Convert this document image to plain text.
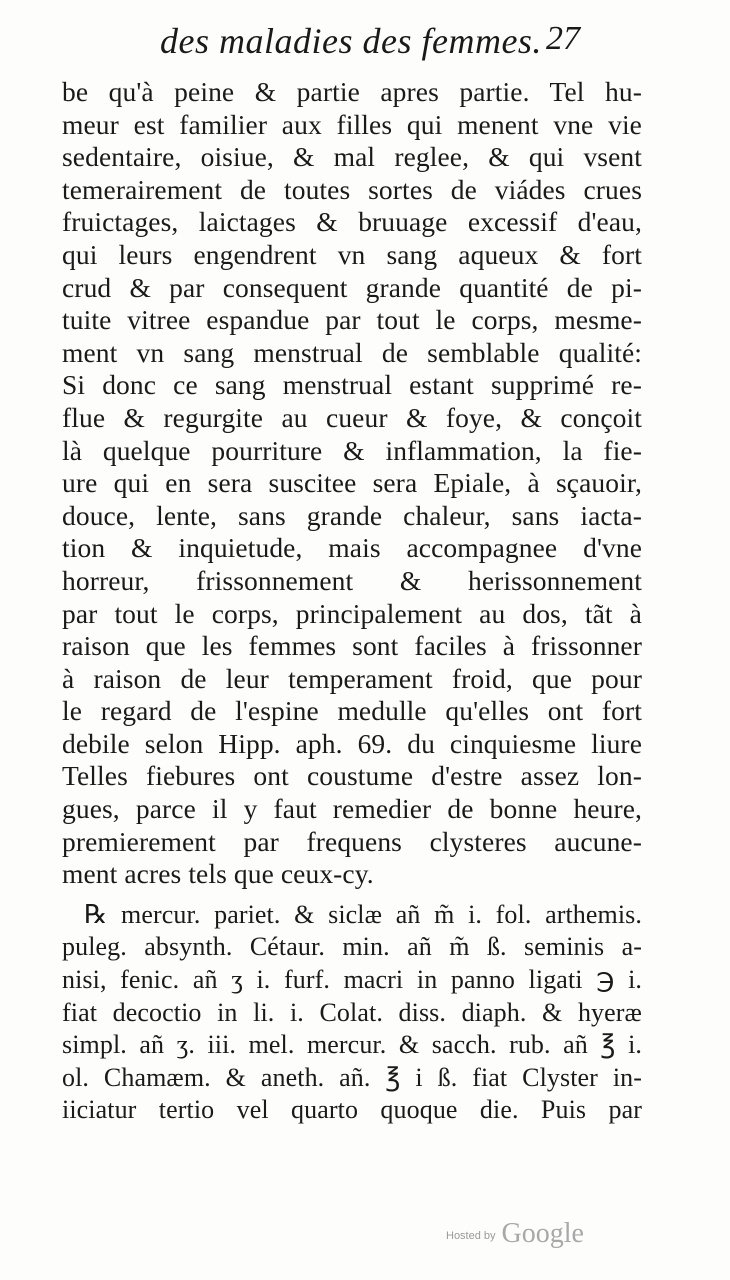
des maladies des femmes. 27
be qu'à peine & partie apres partie. Tel hu-
meur est familier aux filles qui menent vne vie
sedentaire, oisiue, & mal reglee, & qui vsent
temerairement de toutes sortes de viádes crues
fruictages, laictages & bruuage excessif d'eau,
qui leurs engendrent vn sang aqueux & fort
crud & par consequent grande quantité de pi-
tuite vitree espandue par tout le corps, mesme-
ment vn sang menstrual de semblable qualité:
Si donc ce sang menstrual estant supprimé re-
flue & regurgite au cueur & foye, & conçoit
là quelque pourriture & inflammation, la fie-
ure qui en sera suscitee sera Epiale, à sçauoir,
douce, lente, sans grande chaleur, sans iacta-
tion & inquietude, mais accompagnee d'vne
horreur, frissonnement & herissonnement
par tout le corps, principalement au dos, tãt à
raison que les femmes sont faciles à frissonner
à raison de leur temperament froid, que pour
le regard de l'espine medulle qu'elles ont fort
debile selon Hipp. aph. 69. du cinquiesme liure
Telles fiebures ont coustume d'estre assez lon-
gues, parce il y faut remedier de bonne heure,
premierement par frequens clysteres aucune-
ment acres tels que ceux-cy.
℞ mercur. pariet. & siclæ añ m̃ i. fol. arthemis.
puleg. absynth. Cétaur. min. añ m̃ ß. seminis a-
nisi, fenic. añ ʒ i. furf. macri in panno ligati ℈ i.
fiat decoctio in li. i. Colat. diss. diaph. & hyeræ
simpl. añ ʒ. iii. mel. mercur. & sacch. rub. añ ℥ i.
ol. Chamæm. & aneth. añ. ℥ i ß. fiat Clyster in-
iiciatur tertio vel quarto quoque die. Puis par
Hosted by Google
